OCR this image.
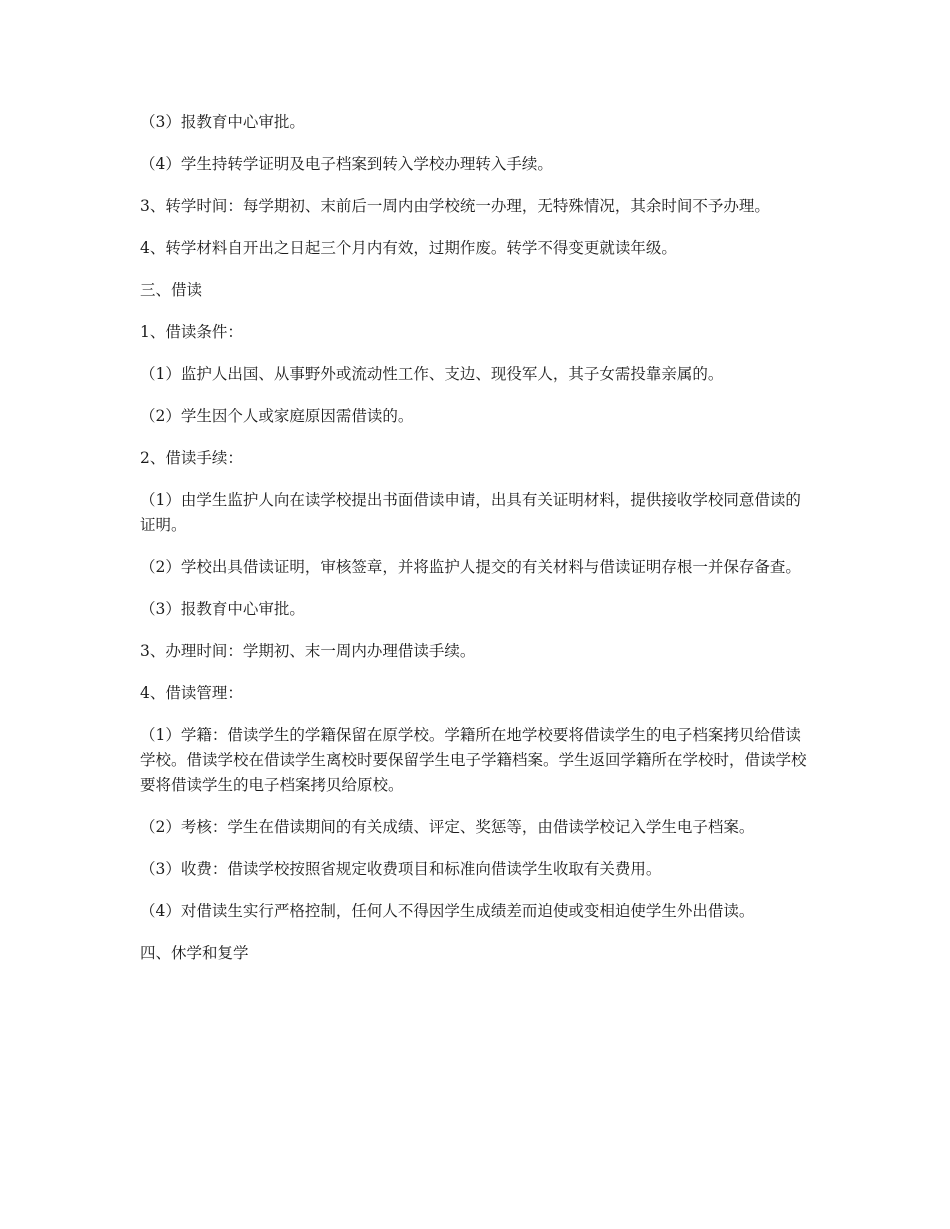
（3）报教育中心审批。

（4）学生持转学证明及电子档案到转入学校办理转入手续。

3、转学时间：每学期初、末前后一周内由学校统一办理，无特殊情况，其余时间不予办理。

4、转学材料自开出之日起三个月内有效，过期作废。转学不得变更就读年级。

三、借读

1、借读条件：

（1）监护人出国、从事野外或流动性工作、支边、现役军人，其子女需投靠亲属的。

（2）学生因个人或家庭原因需借读的。

2、借读手续：

（1）由学生监护人向在读学校提出书面借读申请，出具有关证明材料，提供接收学校同意借读的证明。

（2）学校出具借读证明，审核签章，并将监护人提交的有关材料与借读证明存根一并保存备查。

（3）报教育中心审批。

3、办理时间：学期初、末一周内办理借读手续。

4、借读管理：

（1）学籍：借读学生的学籍保留在原学校。学籍所在地学校要将借读学生的电子档案拷贝给借读学校。借读学校在借读学生离校时要保留学生电子学籍档案。学生返回学籍所在学校时，借读学校要将借读学生的电子档案拷贝给原校。

（2）考核：学生在借读期间的有关成绩、评定、奖惩等，由借读学校记入学生电子档案。

（3）收费：借读学校按照省规定收费项目和标准向借读学生收取有关费用。

（4）对借读生实行严格控制，任何人不得因学生成绩差而迫使或变相迫使学生外出借读。

四、休学和复学
